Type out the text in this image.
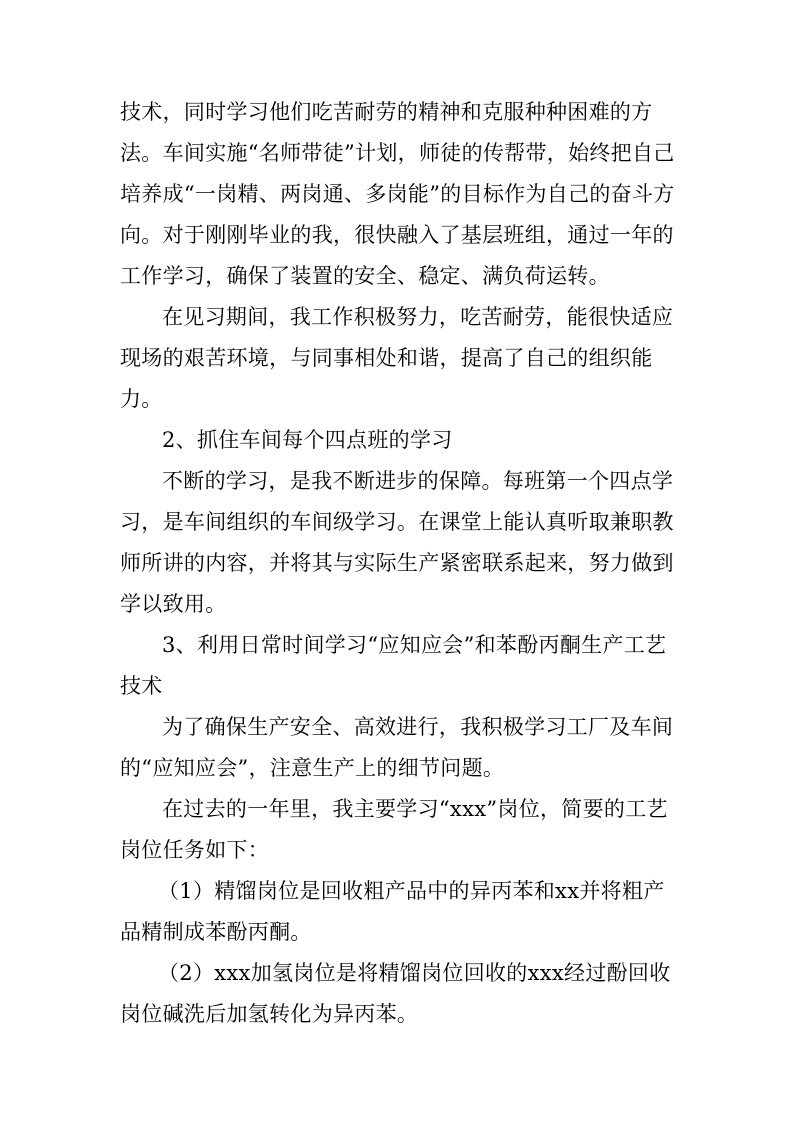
技术，同时学习他们吃苦耐劳的精神和克服种种困难的方法。车间实施“名师带徒”计划，师徒的传帮带，始终把自己培养成“一岗精、两岗通、多岗能”的目标作为自己的奋斗方向。对于刚刚毕业的我，很快融入了基层班组，通过一年的工作学习，确保了装置的安全、稳定、满负荷运转。

在见习期间，我工作积极努力，吃苦耐劳，能很快适应现场的艰苦环境，与同事相处和谐，提高了自己的组织能力。

2、抓住车间每个四点班的学习

不断的学习，是我不断进步的保障。每班第一个四点学习，是车间组织的车间级学习。在课堂上能认真听取兼职教师所讲的内容，并将其与实际生产紧密联系起来，努力做到学以致用。

3、利用日常时间学习“应知应会”和苯酚丙酮生产工艺技术

为了确保生产安全、高效进行，我积极学习工厂及车间的“应知应会”，注意生产上的细节问题。

在过去的一年里，我主要学习“xxx”岗位，简要的工艺岗位任务如下：

（1）精馏岗位是回收粗产品中的异丙苯和xx并将粗产品精制成苯酚丙酮。

（2）xxx加氢岗位是将精馏岗位回收的xxx经过酚回收岗位碱洗后加氢转化为异丙苯。
